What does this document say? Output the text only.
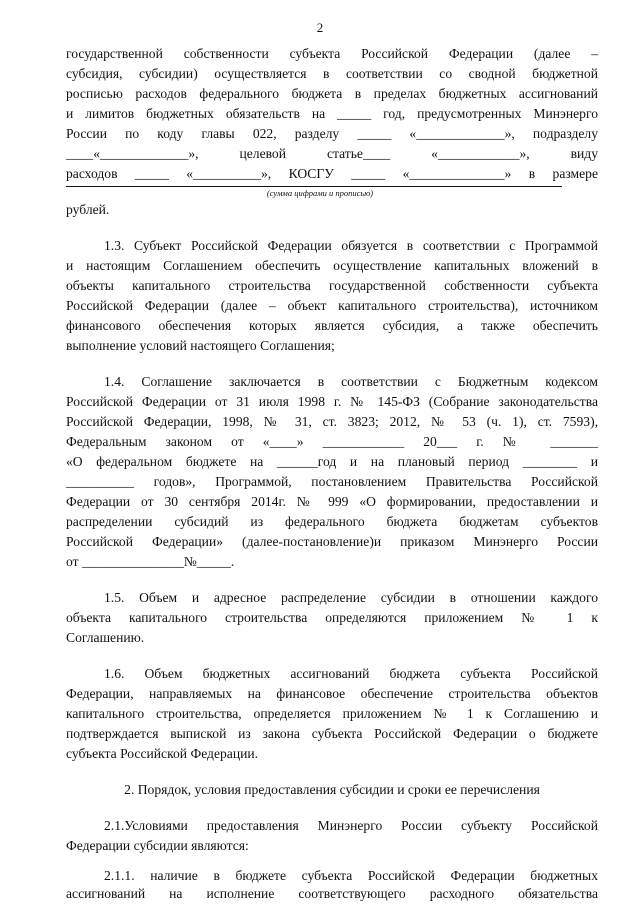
2
государственной собственности субъекта Российской Федерации (далее –
субсидия, субсидии) осуществляется в соответствии со сводной бюджетной
росписью расходов федерального бюджета в пределах бюджетных ассигнований
и лимитов бюджетных обязательств на _____ год, предусмотренных Минэнерго
России по коду главы 022, разделу _____ «_____________», подразделу
____«_____________», целевой статье____ «____________», виду
расходов _____ «__________», КОСГУ _____ «______________» в размере
(сумма цифрами и прописью)
рублей.
1.3. Субъект Российской Федерации обязуется в соответствии с Программой
и настоящим Соглашением обеспечить осуществление капитальных вложений в
объекты капитального строительства государственной собственности субъекта
Российской Федерации (далее – объект капитального строительства), источником
финансового обеспечения которых является субсидия, а также обеспечить
выполнение условий настоящего Соглашения;
1.4. Соглашение заключается в соответствии с Бюджетным кодексом
Российской Федерации от 31 июля 1998 г. № 145-ФЗ (Собрание законодательства
Российской Федерации, 1998, № 31, ст. 3823; 2012, № 53 (ч. 1), ст. 7593),
Федеральным законом от «____» ____________ 20___ г. № _______
«О федеральном бюджете на ______год и на плановый период ________ и
__________ годов», Программой, постановлением Правительства Российской
Федерации от 30 сентября 2014г. № 999 «О формировании, предоставлении и
распределении субсидий из федерального бюджета бюджетам субъектов
Российской Федерации» (далее-постановление)и приказом Минэнерго России
от _______________№_____.
1.5. Объем и адресное распределение субсидии в отношении каждого
объекта капитального строительства определяются приложением № 1 к
Соглашению.
1.6. Объем бюджетных ассигнований бюджета субъекта Российской
Федерации, направляемых на финансовое обеспечение строительства объектов
капитального строительства, определяется приложением № 1 к Соглашению и
подтверждается выпиской из закона субъекта Российской Федерации о бюджете
субъекта Российской Федерации.
2. Порядок, условия предоставления субсидии и сроки ее перечисления
2.1.Условиями предоставления Минэнерго России субъекту Российской
Федерации субсидии являются:
2.1.1. наличие в бюджете субъекта Российской Федерации бюджетных
ассигнований на исполнение соответствующего расходного обязательства
